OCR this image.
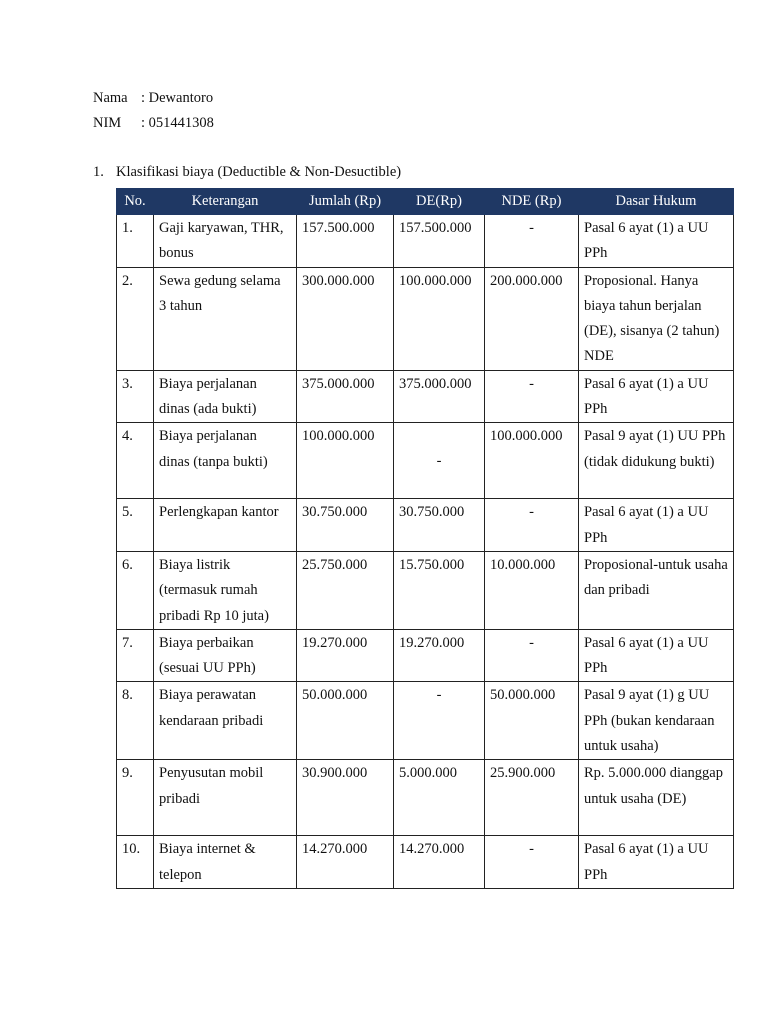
Nama : Dewantoro
NIM	: 051441308
1. Klasifikasi biaya (Deductible & Non-Desuctible)
No.	Keterangan	Jumlah (Rp)	DE(Rp)	NDE (Rp)	Dasar Hukum
1.	Gaji karyawan, THR, bonus	157.500.000	157.500.000	-	Pasal 6 ayat (1) a UU PPh
2.	Sewa gedung selama 3 tahun	300.000.000	100.000.000	200.000.000	Proposional. Hanya biaya tahun berjalan (DE), sisanya (2 tahun) NDE
3.	Biaya perjalanan dinas (ada bukti)	375.000.000	375.000.000	-	Pasal 6 ayat (1) a UU PPh
4.	Biaya perjalanan dinas (tanpa bukti)	100.000.000	-	100.000.000	Pasal 9 ayat (1) UU PPh (tidak didukung bukti)
5.	Perlengkapan kantor	30.750.000	30.750.000	-	Pasal 6 ayat (1) a UU PPh
6.	Biaya listrik (termasuk rumah pribadi Rp 10 juta)	25.750.000	15.750.000	10.000.000	Proposional-untuk usaha dan pribadi
7.	Biaya perbaikan (sesuai UU PPh)	19.270.000	19.270.000	-	Pasal 6 ayat (1) a UU PPh
8.	Biaya perawatan kendaraan pribadi	50.000.000	-	50.000.000	Pasal 9 ayat (1) g UU PPh (bukan kendaraan untuk usaha)
9.	Penyusutan mobil pribadi	30.900.000	5.000.000	25.900.000	Rp. 5.000.000 dianggap untuk usaha (DE)
10.	Biaya internet & telepon	14.270.000	14.270.000	-	Pasal 6 ayat (1) a UU PPh
